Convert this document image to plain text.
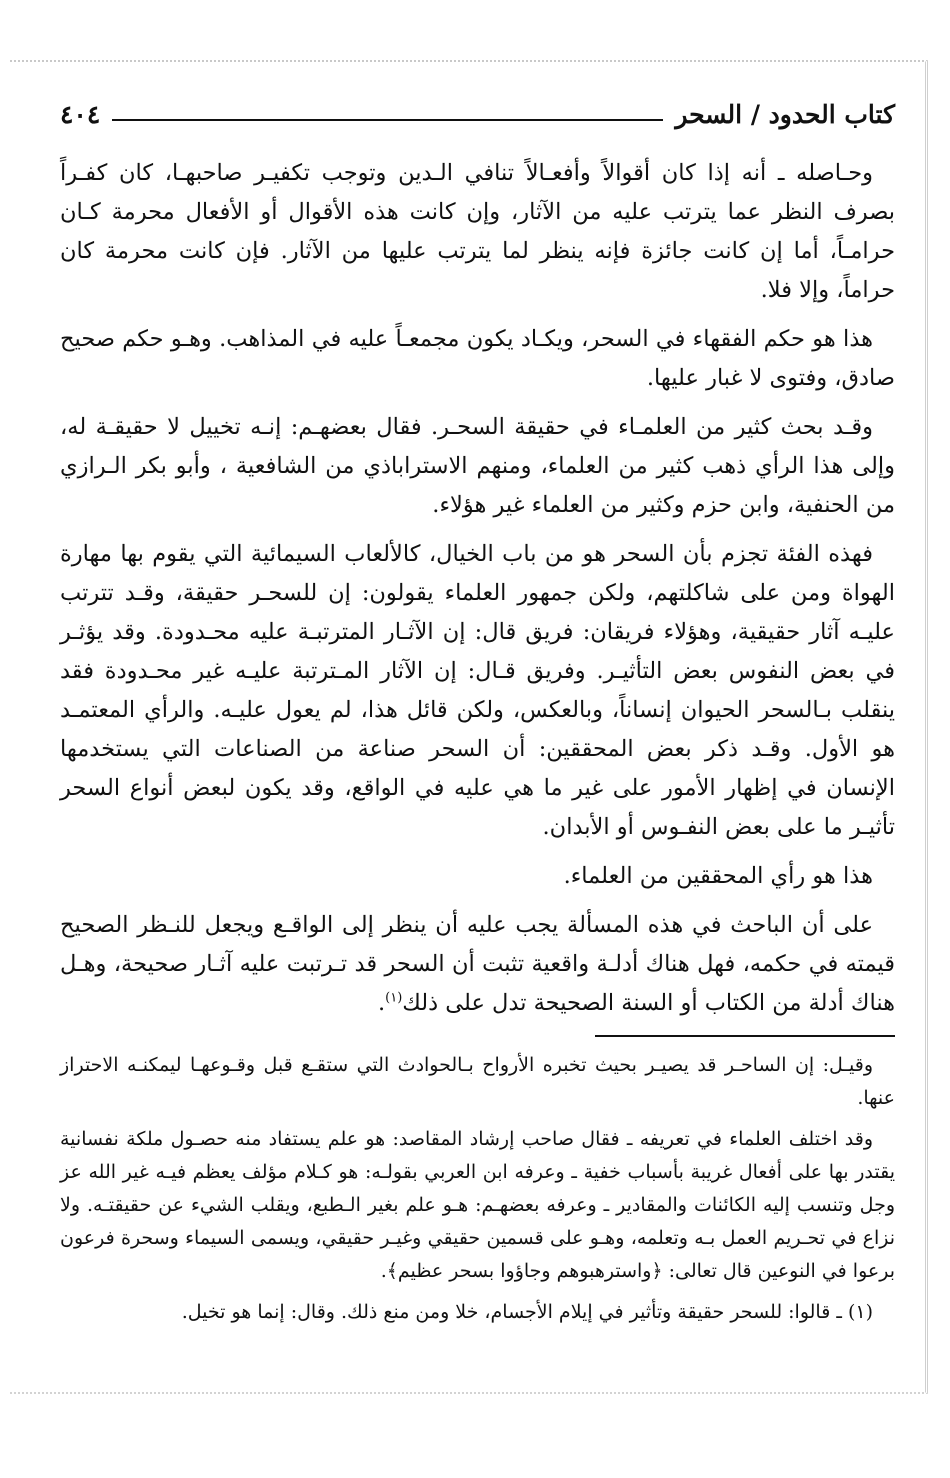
كتاب الحدود / السحر
٤٠٤

وحـاصله ـ أنه إذا كان أقوالاً وأفعـالاً تنافي الـدين وتوجب تكفيـر صاحبهـا، كان كفـراً بصرف النظر عما يترتب عليه من الآثار، وإن كانت هذه الأقوال أو الأفعال محرمة كـان حرامـاً، أما إن كانت جائزة فإنه ينظر لما يترتب عليها من الآثار. فإن كانت محرمة كان حراماً، وإلا فلا.

هذا هو حكم الفقهاء في السحر، ويكـاد يكون مجمعـاً عليه في المذاهب. وهـو حكم صحيح صادق، وفتوى لا غبار عليها.

وقـد بحث كثير من العلمـاء في حقيقة السحـر. فقال بعضهـم: إنـه تخييل لا حقيقـة له، وإلى هذا الرأي ذهب كثير من العلماء، ومنهم الاستراباذي من الشافعية ، وأبو بكر الـرازي من الحنفية، وابن حزم وكثير من العلماء غير هؤلاء.

فهذه الفئة تجزم بأن السحر هو من باب الخيال، كالألعاب السيمائية التي يقوم بها مهارة الهواة ومن على شاكلتهم، ولكن جمهور العلماء يقولون: إن للسحـر حقيقة، وقـد تترتب عليـه آثار حقيقية، وهؤلاء فريقان: فريق قال: إن الآثـار المترتبـة عليه محـدودة. وقد يؤثـر في بعض النفوس بعض التأثيـر. وفريق قـال: إن الآثار المـترتبة عليـه غير محـدودة فقد ينقلب بـالسحر الحيوان إنساناً، وبالعكس، ولكن قائل هذا، لم يعول عليـه. والرأي المعتمـد هو الأول. وقـد ذكر بعض المحققين: أن السحر صناعة من الصناعات التي يستخدمها الإنسان في إظهار الأمور على غير ما هي عليه في الواقع، وقد يكون لبعض أنواع السحر تأثيـر ما على بعض النفـوس أو الأبدان.

هذا هو رأي المحققين من العلماء.

على أن الباحث في هذه المسألة يجب عليه أن ينظر إلى الواقـع ويجعل للنـظر الصحيح قيمته في حكمه، فهل هناك أدلـة واقعية تثبت أن السحر قد تـرتبت عليه آثـار صحيحة، وهـل هناك أدلة من الكتاب أو السنة الصحيحة تدل على ذلك$^{(١)}$.

وقيـل: إن الساحـر قد يصيـر بحيث تخبره الأرواح بـالحوادث التي ستقـع قبل وقـوعهـا ليمكنـه الاحتراز عنها.

وقد اختلف العلماء في تعريفه ـ فقال صاحب إرشاد المقاصد: هو علم يستفاد منه حصـول ملكة نفسانية يقتدر بها على أفعال غريبة بأسباب خفية ـ وعرفه ابن العربي بقولـه: هو كـلام مؤلف يعظم فيـه غير الله عز وجل وتنسب إليه الكائنات والمقادير ـ وعرفه بعضهـم: هـو علم بغير الـطبع، ويقلب الشيء عن حقيقتـه. ولا نزاع في تحـريم العمل بـه وتعلمه، وهـو على قسمين حقيقي وغيـر حقيقي، ويسمى السيماء وسحرة فرعون برعوا في النوعين قال تعالى: ﴿واسترهبوهم وجاؤوا بسحر عظيم﴾.

(١) ـ قالوا: للسحر حقيقة وتأثير في إيلام الأجسام، خلا ومن منع ذلك. وقال: إنما هو تخيل.
